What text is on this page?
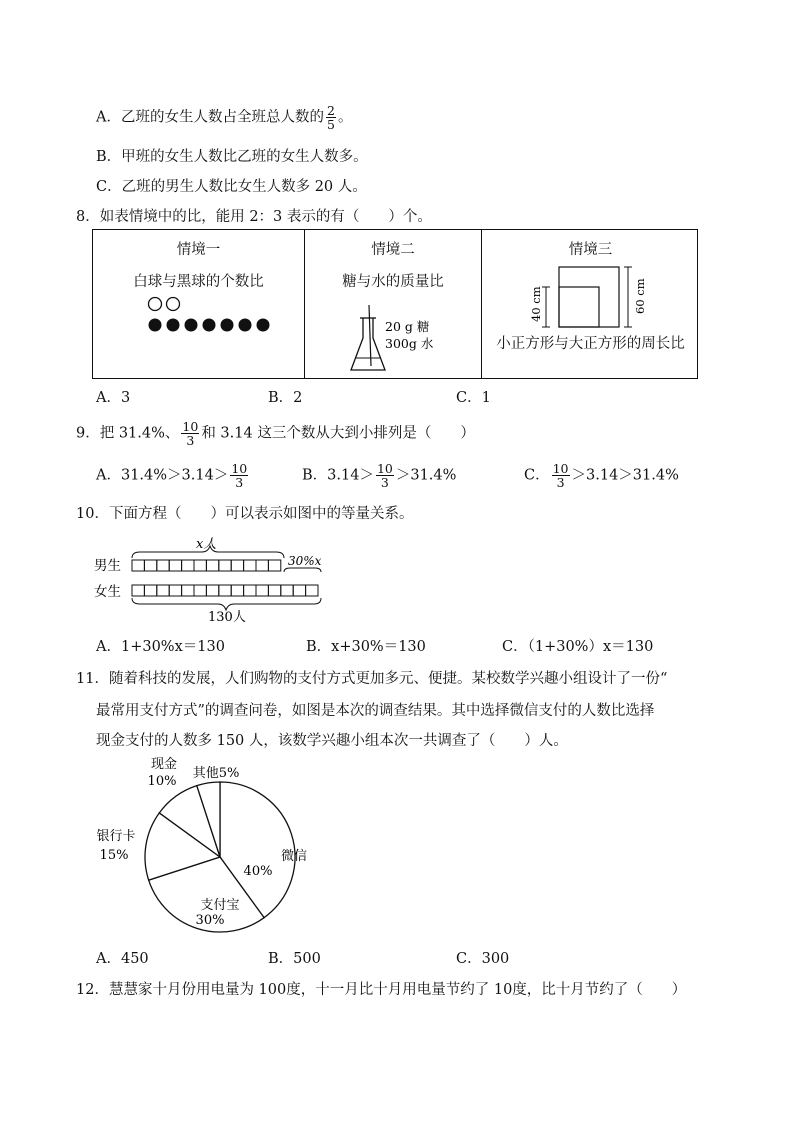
A．乙班的女生人数占全班总人数的 $\frac{2}{5}$ 。
B．甲班的女生人数比乙班的女生人数多。
C．乙班的男生人数比女生人数多 20 人。
8．如表情境中的比，能用 2：3 表示的有（　　）个。
情境一
白球与黑球的个数比
情境二
糖与水的质量比
20 g 糖
300g 水
情境三
40 cm	60 cm
小正方形与大正方形的周长比
A．3	B．2	C．1
9．把 31.4%、 $\frac{10}{3}$ 和 3.14 这三个数从大到小排列是（　　）
A．$31.4\%>3.14> \frac{10}{3}$	B．$3.14> \frac{10}{3} >31.4\%$	C． $\frac{10}{3} >3.14>31.4\%$
10．下面方程（　　）可以表示如图中的等量关系。
男生
女生
x人
30%x
130人
A．1+30%x＝130	B．x+30%＝130	C．（1+30%）x＝130
11．随着科技的发展，人们购物的支付方式更加多元、便捷。某校数学兴趣小组设计了一份“
最常用支付方式”的调查问卷，如图是本次的调查结果。其中选择微信支付的人数比选择
现金支付的人数多 150 人，该数学兴趣小组本次一共调查了（　　）人。
微信
40%
支付宝
30%
银行卡
15%
现金
10%
其他5%
A．450	B．500	C．300
12．慧慧家十月份用电量为 100度，十一月比十月用电量节约了 10度，比十月节约了（　　）
